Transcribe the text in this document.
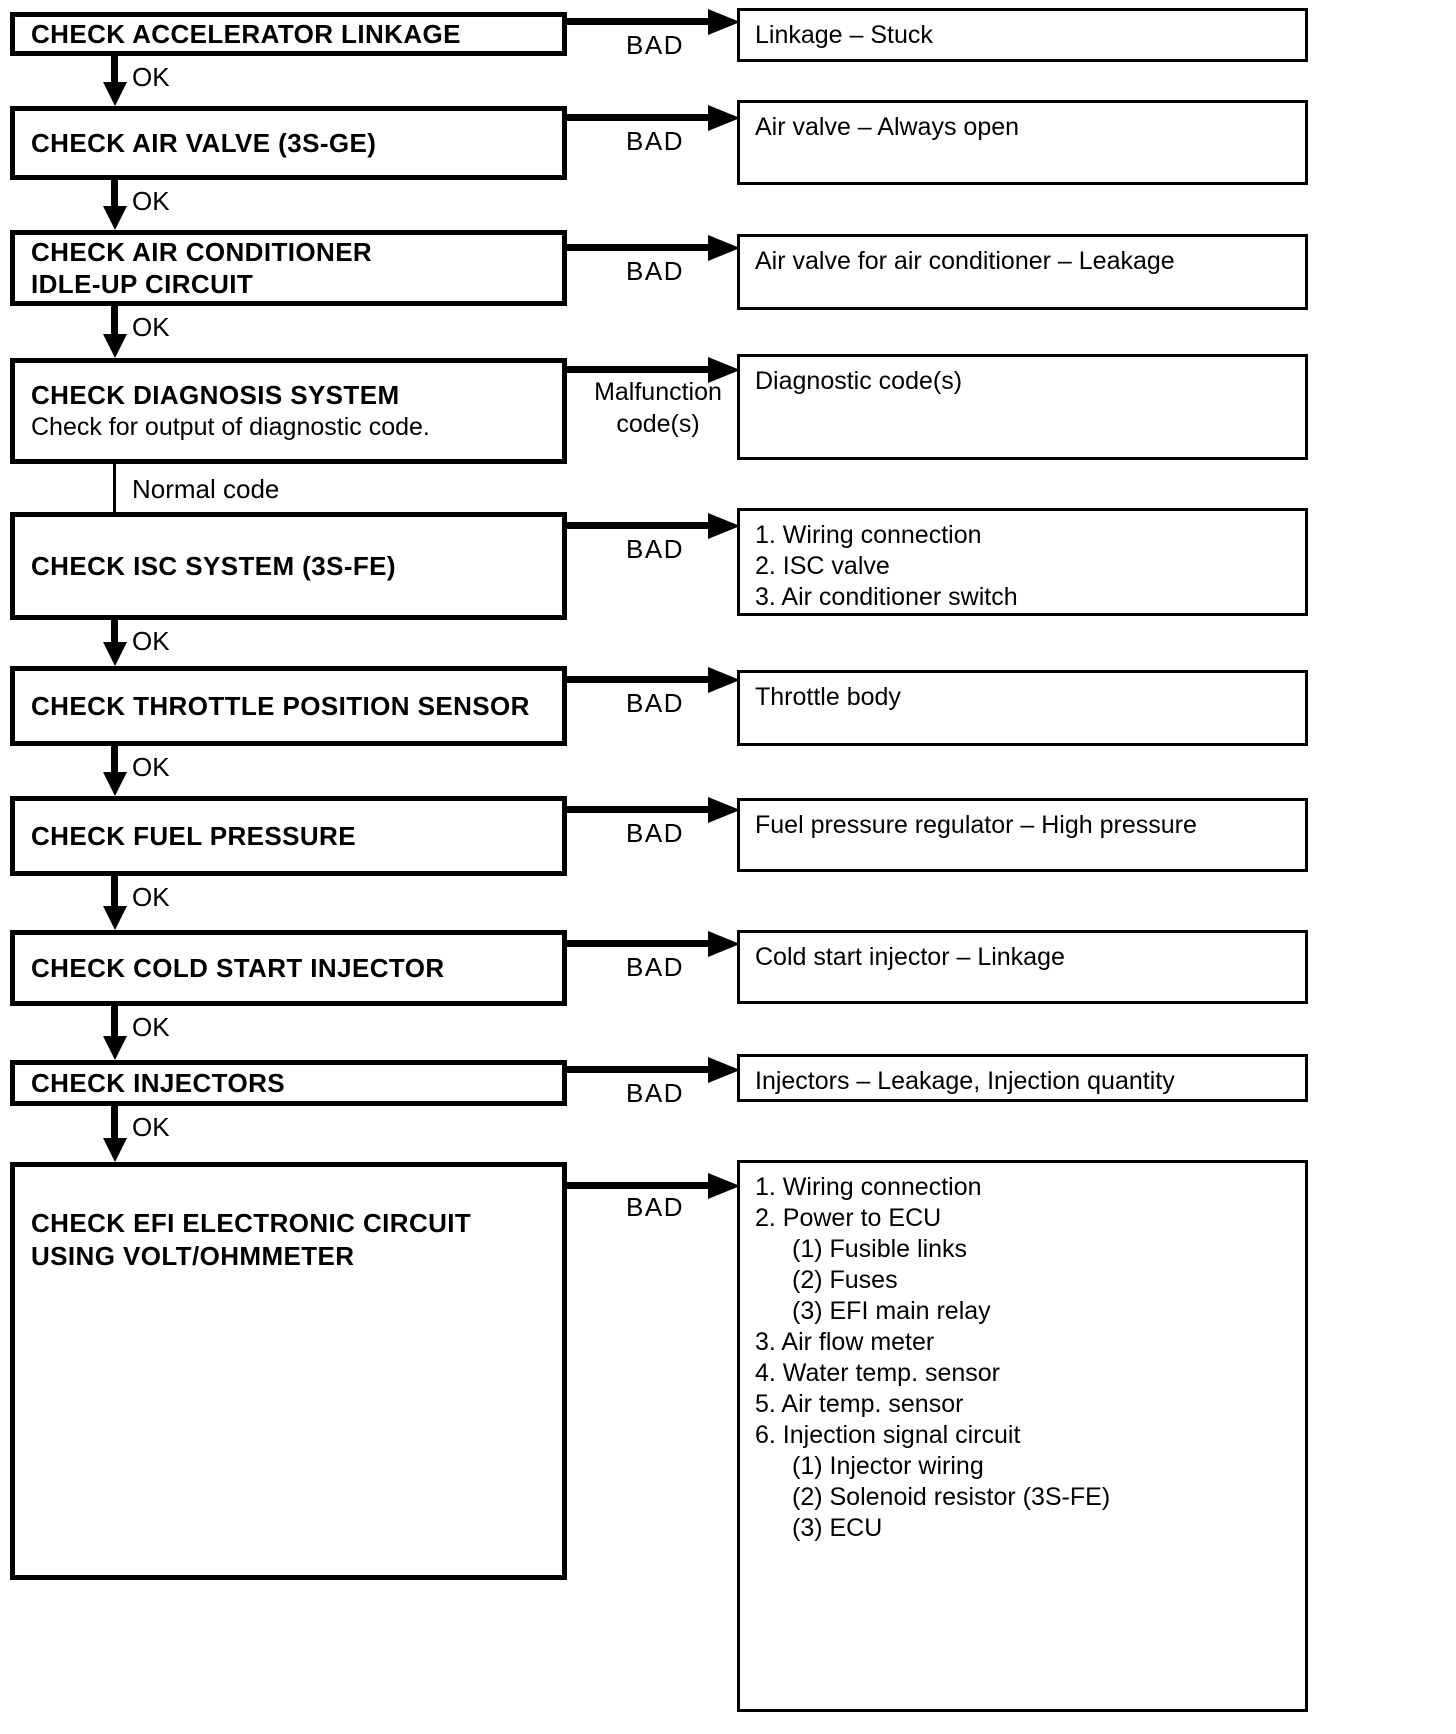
CHECK ACCELERATOR LINKAGE	BAD	Linkage – Stuck
OK
CHECK AIR VALVE (3S-GE)	BAD	Air valve – Always open
OK
CHECK AIR CONDITIONER
IDLE-UP CIRCUIT	BAD	Air valve for air conditioner – Leakage
OK
CHECK DIAGNOSIS SYSTEM
Check for output of diagnostic code.
Malfunction code(s)
Diagnostic code(s)
Normal code
CHECK ISC SYSTEM (3S-FE)
BAD	1. Wiring connection
2. ISC valve
3. Air conditioner switch
OK
CHECK THROTTLE POSITION SENSOR	BAD	Throttle body
OK
CHECK FUEL PRESSURE	BAD	Fuel pressure regulator – High pressure
OK
CHECK COLD START INJECTOR	BAD	Cold start injector – Linkage
OK
CHECK INJECTORS	BAD	Injectors – Leakage, Injection quantity
OK
CHECK EFI ELECTRONIC CIRCUIT
USING VOLT/OHMMETER
BAD
1. Wiring connection
2. Power to ECU
(1) Fusible links
(2) Fuses
(3) EFI main relay
3. Air flow meter
4. Water temp. sensor
5. Air temp. sensor
6. Injection signal circuit
(1) Injector wiring
(2) Solenoid resistor (3S-FE)
(3) ECU
